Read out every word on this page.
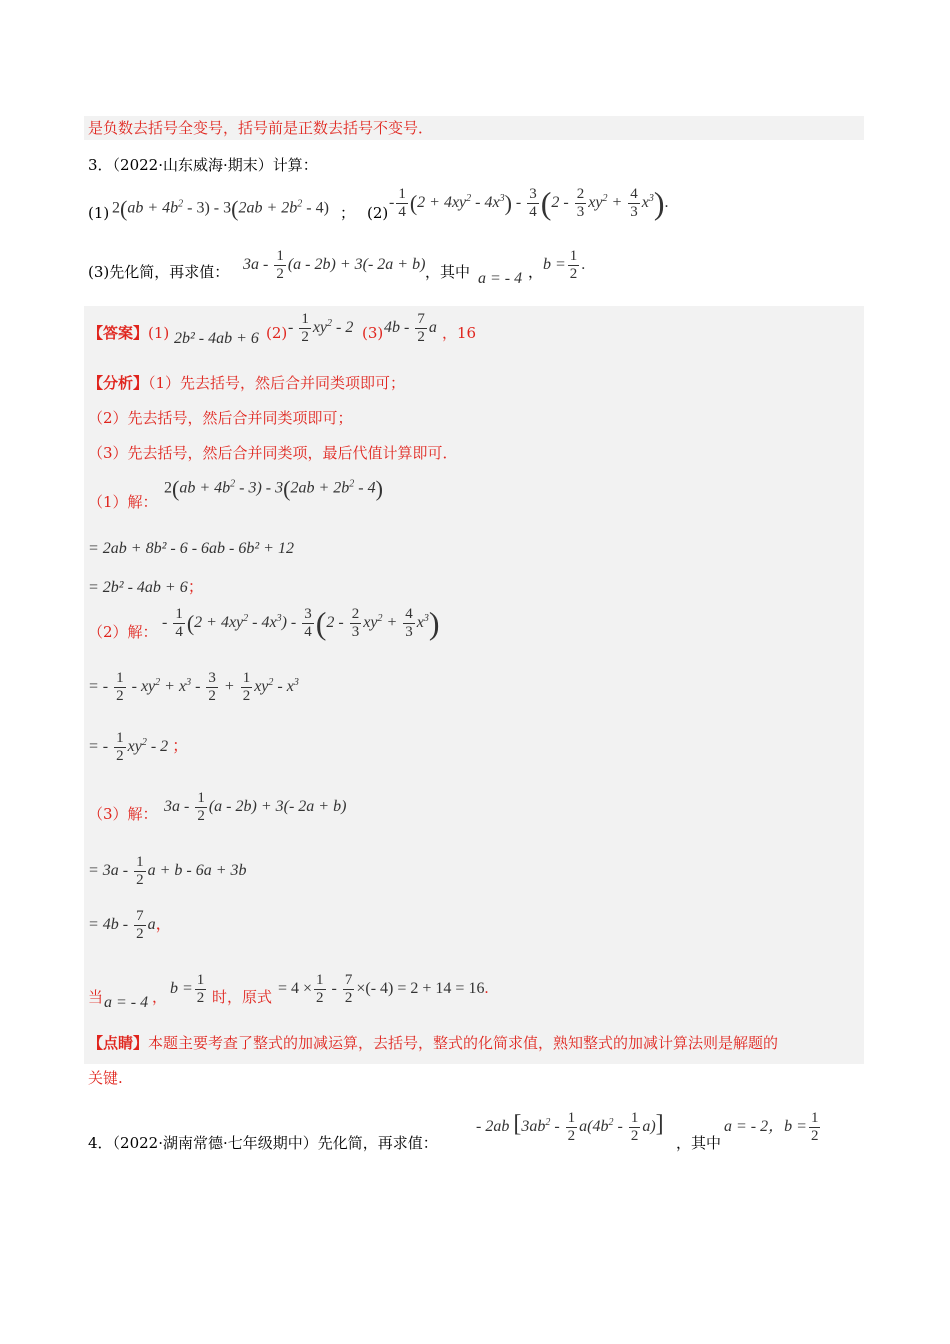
是负数去括号全变号，括号前是正数去括号不变号．
3．（2022·山东威海·期末）计算：
(1) $2(ab + 4b^2 - 3) - 3(2ab + 2b^2 - 4)$ ； (2)
- $\frac{1}{4} (2 + 4xy^2 - 4x^3) - \frac{3}{4} (2 - \frac{2}{3} xy^2 + \frac{4}{3} x^3)$.
(3)先化简，再求值： $3a - \frac{1}{2} (a - 2b) + 3(-$ 2a + b) ，其中 a = - 4 ， $b = \frac{1}{2}$ .
【答案】(1) 2b² - 4ab + 6 $(2) - \frac{1}{2} xy^2 - 2$ (3) $4b - \frac{7}{2}$ a ，16
【分析】（1）先去括号，然后合并同类项即可；
（2）先去括号，然后合并同类项即可；
（3）先去括号，然后合并同类项，最后代值计算即可．
（1）解：
$2(ab + 4b^2 - 3) - 3(2ab + 2b^2 - 4)$
= 2ab + 8b² - 6 - 6ab - 6b² + 12
= 2b² - 4ab + 6；
（2）解：
- $\frac{1}{4} (2 + 4xy^2 - 4x^3) - \frac{3}{4} (2 - \frac{2}{3} xy^2 + \frac{4}{3} x^3)$
= - $\frac{1}{2} - xy^2 + x^3 - \frac{3}{2} + \frac{1}{2} xy^2 - x^3$
= - $\frac{1}{2} xy^2 - 2$ ；
（3）解： $3a - \frac{1}{2} (a - 2b) + 3(-$ 2a + b)
= $3a - \frac{1}{2}$ a + b - 6a + 3b
= $4b - \frac{7}{2}$ a，
当 a = - 4 ， $b = \frac{1}{2}$ 时，原式 = $4 \times \frac{1}{2} - \frac{7}{2}$ ×(- 4) = 2 + 14 = 16.
【点睛】本题主要考查了整式的加减运算，去括号，整式的化简求值，熟知整式的加减计算法则是解题的
关键.
4．（2022·湖南常德·七年级期中）先化简，再求值：
- 2ab $[3ab^2 - \frac{1}{2} a(4b^2 - \frac{1}{2} a)]$
，其中
a = - 2，$b = \frac{1}{2}$
